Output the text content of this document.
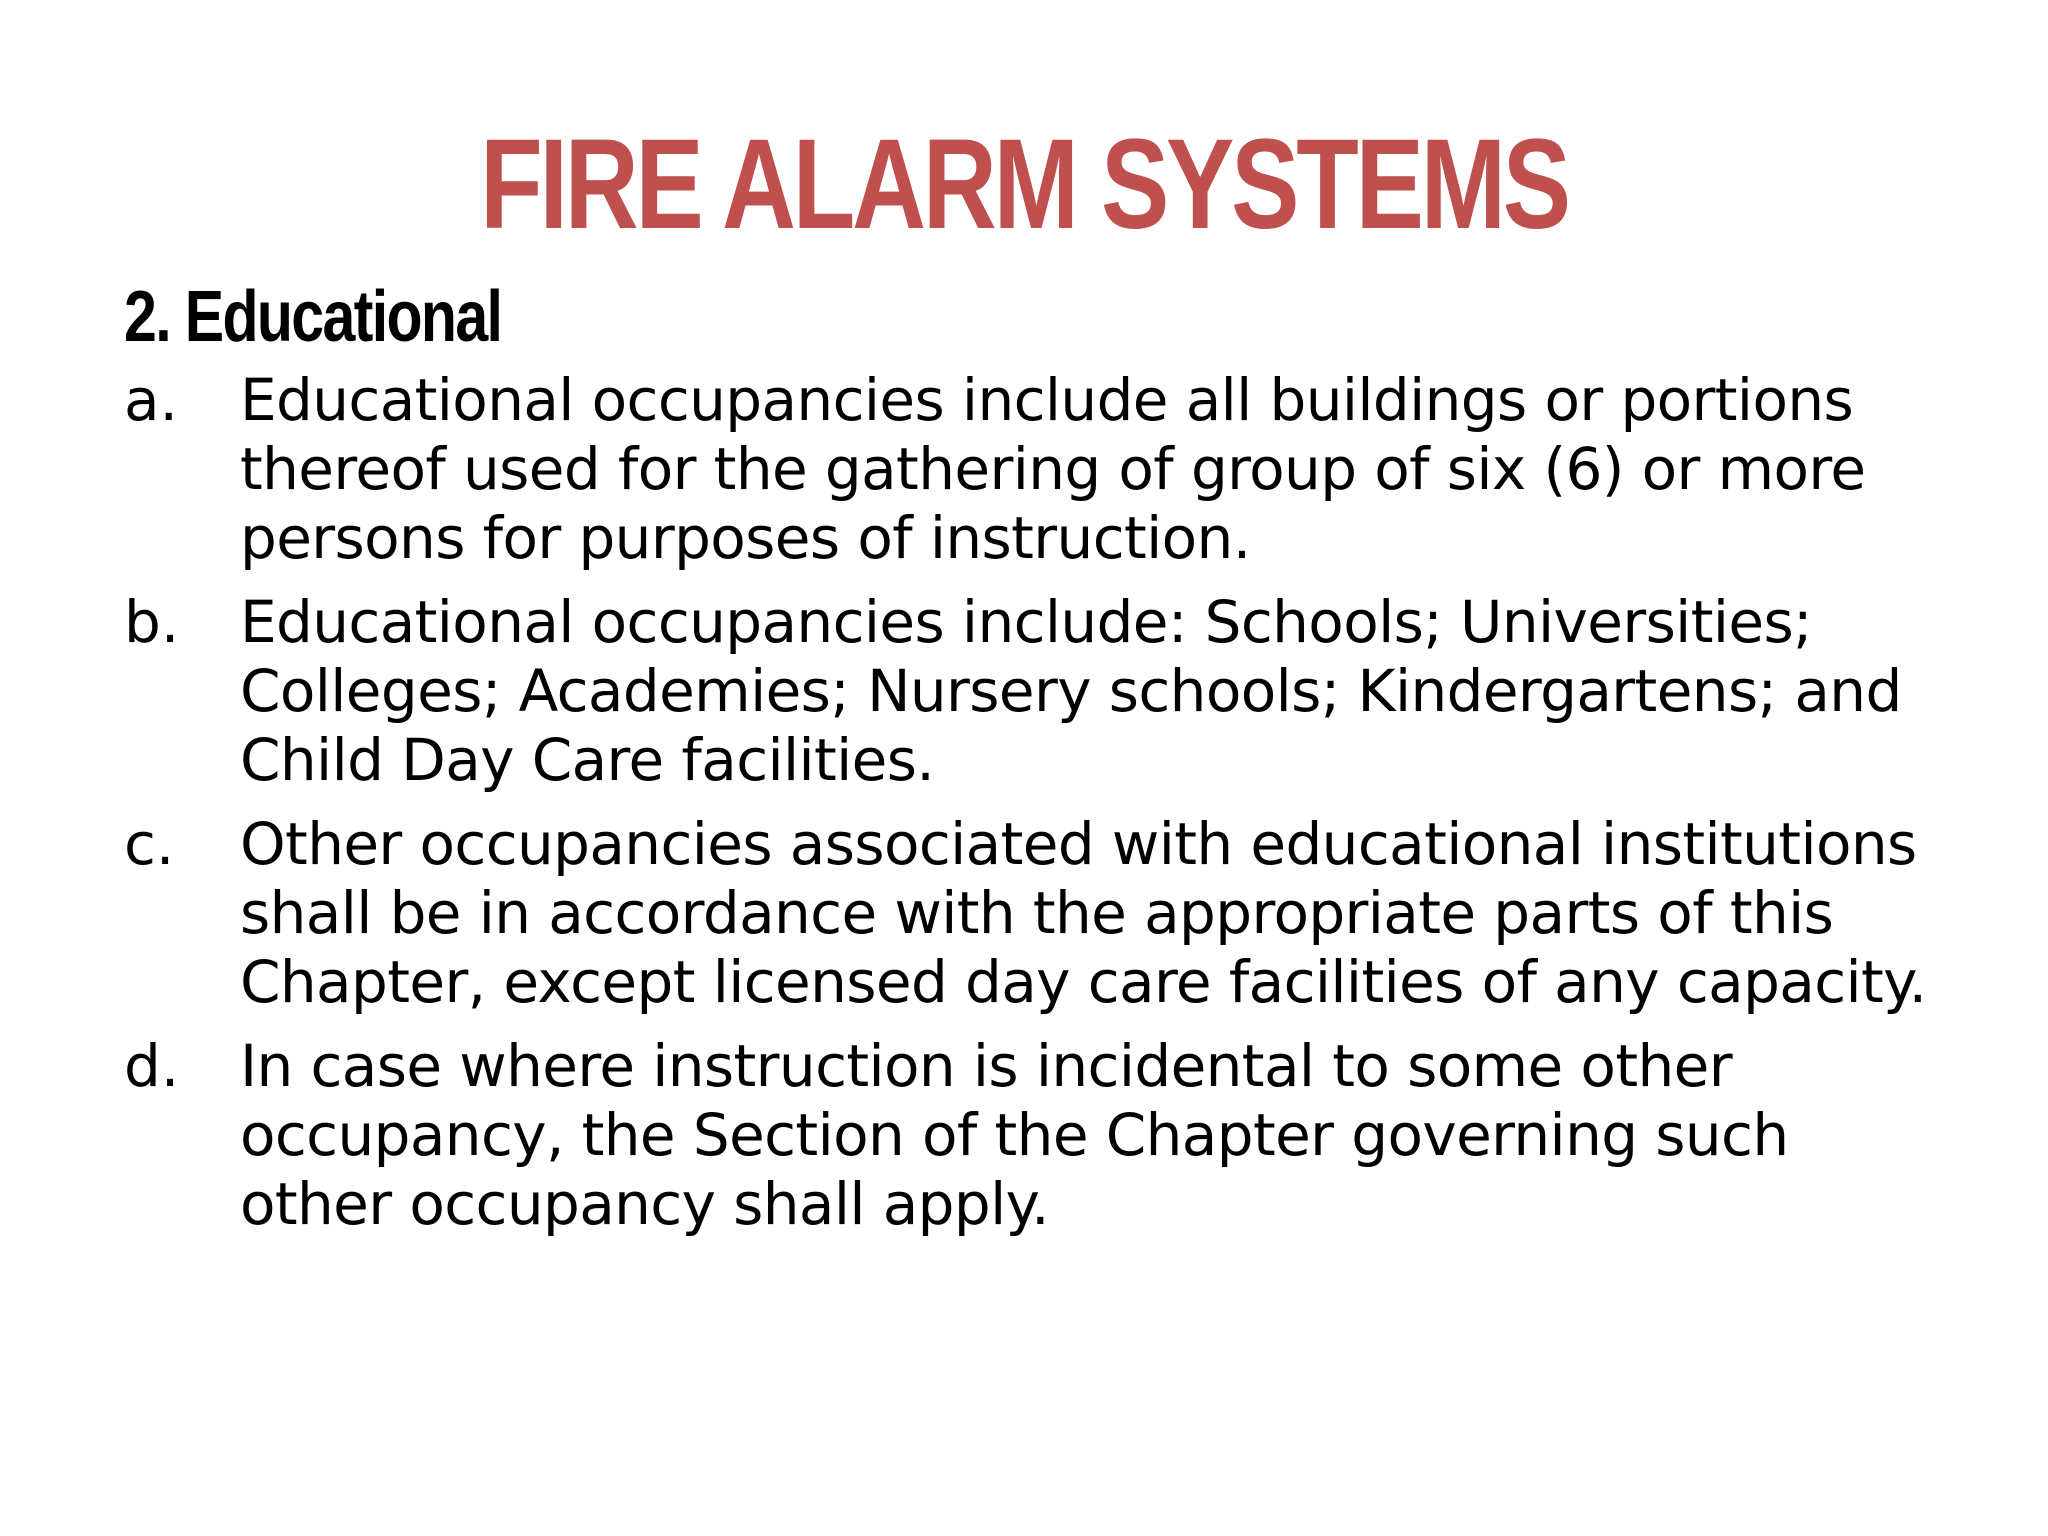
FIRE ALARM SYSTEMS
2. Educational
a.	Educational occupancies include all buildings or portions thereof used for the gathering of group of six (6) or more persons for purposes of instruction.
b.	Educational occupancies include: Schools; Universities; Colleges; Academies; Nursery schools; Kindergartens; and Child Day Care facilities.
c.	Other occupancies associated with educational institutions shall be in accordance with the appropriate parts of this Chapter, except licensed day care facilities of any capacity.
d.	In case where instruction is incidental to some other occupancy, the Section of the Chapter governing such other occupancy shall apply.
